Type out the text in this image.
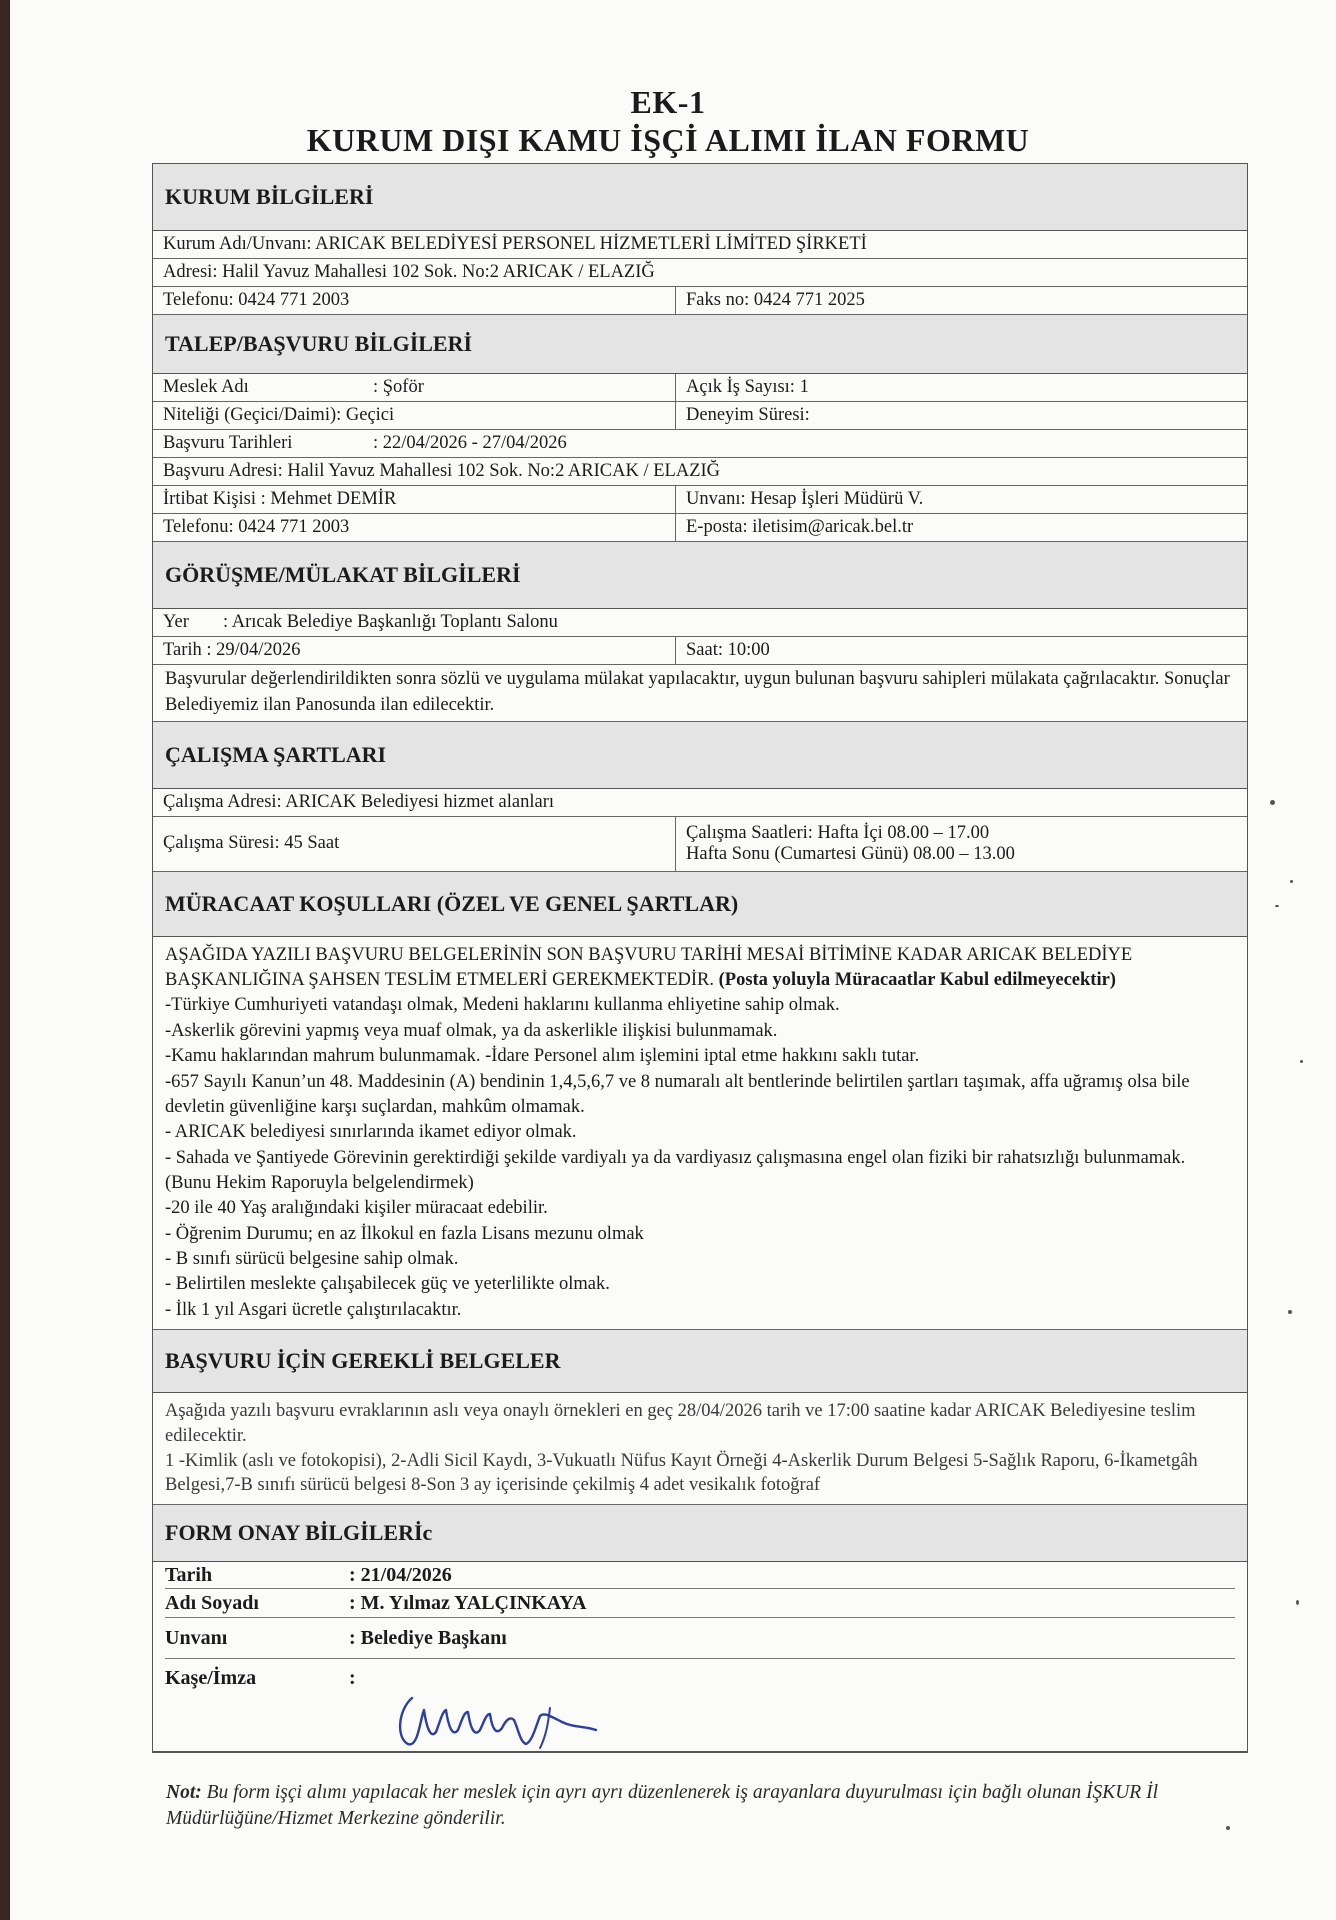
EK-1
KURUM DIŞI KAMU İŞÇİ ALIMI İLAN FORMU
KURUM BİLGİLERİ
Kurum Adı/Unvanı: ARICAK BELEDİYESİ PERSONEL HİZMETLERİ LİMİTED ŞİRKETİ
Adresi: Halil Yavuz Mahallesi 102 Sok. No:2 ARICAK / ELAZIĞ
Telefonu: 0424 771 2003	Faks no: 0424 771 2025
TALEP/BAŞVURU BİLGİLERİ
Meslek Adı	: Şoför	Açık İş Sayısı: 1
Niteliği (Geçici/Daimi): Geçici	Deneyim Süresi:
Başvuru Tarihleri	: 22/04/2026 - 27/04/2026
Başvuru Adresi: Halil Yavuz Mahallesi 102 Sok. No:2 ARICAK / ELAZIĞ
İrtibat Kişisi : Mehmet DEMİR	Unvanı: Hesap İşleri Müdürü V.
Telefonu: 0424 771 2003	E-posta: iletisim@aricak.bel.tr
GÖRÜŞME/MÜLAKAT BİLGİLERİ
Yer	: Arıcak Belediye Başkanlığı Toplantı Salonu
Tarih : 29/04/2026	Saat: 10:00

Başvurular değerlendirildikten sonra sözlü ve uygulama mülakat yapılacaktır, uygun bulunan başvuru sahipleri mülakata çağrılacaktır. Sonuçlar Belediyemiz ilan Panosunda ilan edilecektir.

ÇALIŞMA ŞARTLARI
Çalışma Adresi: ARICAK Belediyesi hizmet alanları
Çalışma Süresi: 45 Saat
Çalışma Saatleri: Hafta İçi 08.00 – 17.00
Hafta Sonu (Cumartesi Günü) 08.00 – 13.00
MÜRACAAT KOŞULLARI (ÖZEL VE GENEL ŞARTLAR)

AŞAĞIDA YAZILI BAŞVURU BELGELERİNİN SON BAŞVURU TARİHİ MESAİ BİTİMİNE KADAR ARICAK BELEDİYE BAŞKANLIĞINA ŞAHSEN TESLİM ETMELERİ GEREKMEKTEDİR. (Posta yoluyla Müracaatlar Kabul edilmeyecektir)

-Türkiye Cumhuriyeti vatandaşı olmak, Medeni haklarını kullanma ehliyetine sahip olmak.

-Askerlik görevini yapmış veya muaf olmak, ya da askerlikle ilişkisi bulunmamak.

-Kamu haklarından mahrum bulunmamak. -İdare Personel alım işlemini iptal etme hakkını saklı tutar.

-657 Sayılı Kanun’un 48. Maddesinin (A) bendinin 1,4,5,6,7 ve 8 numaralı alt bentlerinde belirtilen şartları taşımak, affa uğramış olsa bile devletin güvenliğine karşı suçlardan, mahkûm olmamak.

- ARICAK belediyesi sınırlarında ikamet ediyor olmak.

- Sahada ve Şantiyede Görevinin gerektirdiği şekilde vardiyalı ya da vardiyasız çalışmasına engel olan fiziki bir rahatsızlığı bulunmamak. (Bunu Hekim Raporuyla belgelendirmek)

-20 ile 40 Yaş aralığındaki kişiler müracaat edebilir.

- Öğrenim Durumu; en az İlkokul en fazla Lisans mezunu olmak

- B sınıfı sürücü belgesine sahip olmak.

- Belirtilen meslekte çalışabilecek güç ve yeterlilikte olmak.

- İlk 1 yıl Asgari ücretle çalıştırılacaktır.

BAŞVURU İÇİN GEREKLİ BELGELER

Aşağıda yazılı başvuru evraklarının aslı veya onaylı örnekleri en geç 28/04/2026 tarih ve 17:00 saatine kadar ARICAK Belediyesine teslim edilecektir.

1 -Kimlik (aslı ve fotokopisi), 2-Adli Sicil Kaydı, 3-Vukuatlı Nüfus Kayıt Örneği 4-Askerlik Durum Belgesi 5-Sağlık Raporu, 6-İkametgâh Belgesi,7-B sınıfı sürücü belgesi 8-Son 3 ay içerisinde çekilmiş 4 adet vesikalık fotoğraf

FORM ONAY BİLGİLERİc
Tarih	: 21/04/2026
Adı Soyadı	: M. Yılmaz YALÇINKAYA
Unvanı	: Belediye Başkanı
Kaşe/İmza	:
Not: Bu form işçi alımı yapılacak her meslek için ayrı ayrı düzenlenerek iş arayanlara duyurulması için bağlı olunan İŞKUR İl Müdürlüğüne/Hizmet Merkezine gönderilir.
